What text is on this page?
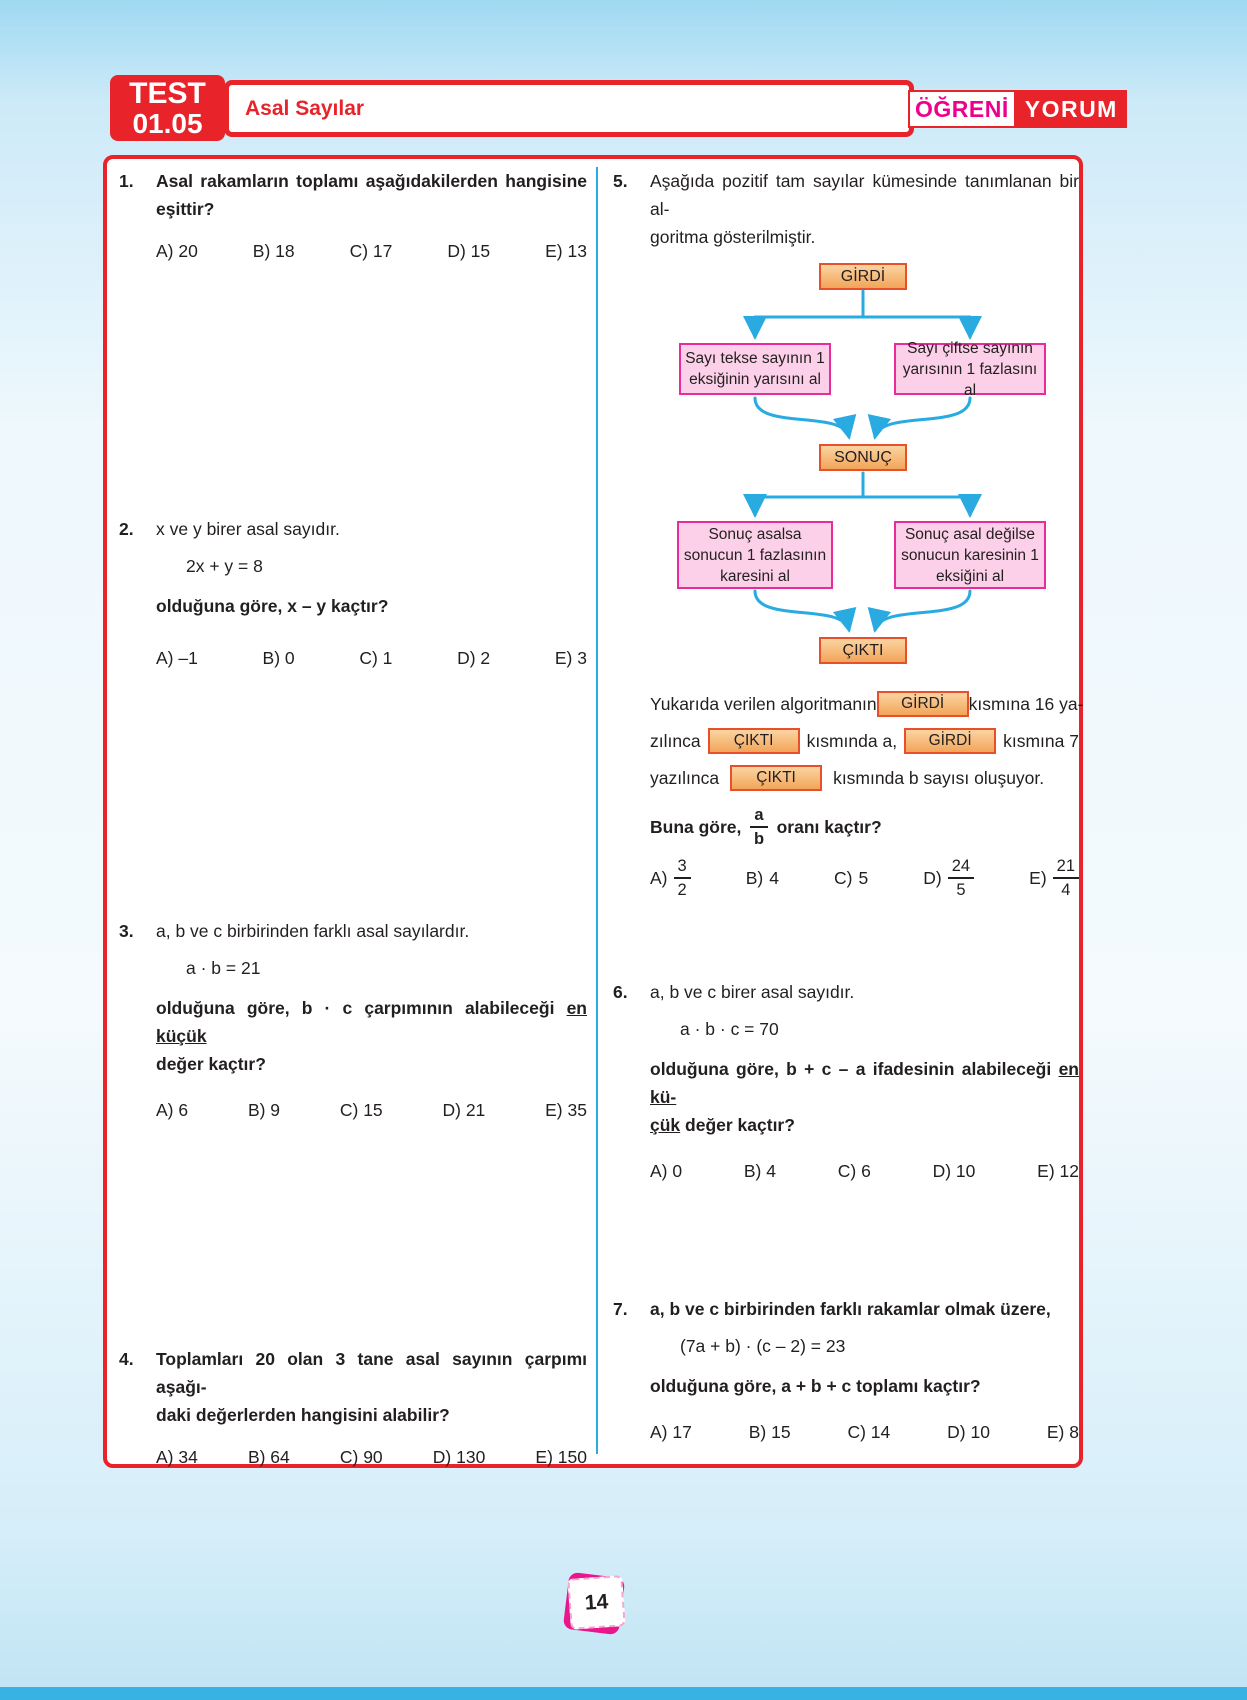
TEST
01.05
Asal Sayılar	ÖĞRENİ YORUM
1.	Asal rakamların toplamı aşağıdakilerden hangisine
eşittir?
A) 20	B) 18	C) 17	D) 15	E) 13
2.	x ve y birer asal sayıdır.
2x + y = 8
olduğuna göre, x – y kaçtır?
A) –1	B) 0	C) 1	D) 2	E) 3
3.	a, b ve c birbirinden farklı asal sayılardır.
a · b = 21
olduğuna göre, b · c çarpımının alabileceği en küçük
değer kaçtır?
A) 6	B) 9	C) 15	D) 21	E) 35
4.	Toplamları 20 olan 3 tane asal sayının çarpımı aşağı-
daki değerlerden hangisini alabilir?
A) 34	B) 64	C) 90	D) 130	E) 150
5.	Aşağıda pozitif tam sayılar kümesinde tanımlanan bir al-
goritma gösterilmiştir.
GİRDİ
Sayı tekse sayının 1 eksiğinin yarısını al
Sayı çiftse sayının yarısının 1 fazlasını al
SONUÇ
Sonuç asalsa sonucun 1 fazlasının karesini al
Sonuç asal değilse sonucun karesinin 1 eksiğini al
ÇIKTI
Yukarıda verilen algoritmanın	GİRDİ	kısmına 16 ya-
zılınca	ÇIKTI	kısmında a,	GİRDİ	kısmına 7
yazılınca	ÇIKTI	kısmında b sayısı oluşuyor.
Buna göre, $\frac{a}{b}$ oranı kaçtır?
$A) \frac{3}{2}$	B) 4	C) 5	$D) \frac{24}{5}$	$E) \frac{21}{4}$
6.	a, b ve c birer asal sayıdır.
a · b · c = 70
olduğuna göre, b + c – a ifadesinin alabileceği en kü-
çük değer kaçtır?
A) 0	B) 4	C) 6	D) 10	E) 12
7.	a, b ve c birbirinden farklı rakamlar olmak üzere,
(7a + b) · (c – 2) = 23
olduğuna göre, a + b + c toplamı kaçtır?
A) 17	B) 15	C) 14	D) 10	E) 8
14
